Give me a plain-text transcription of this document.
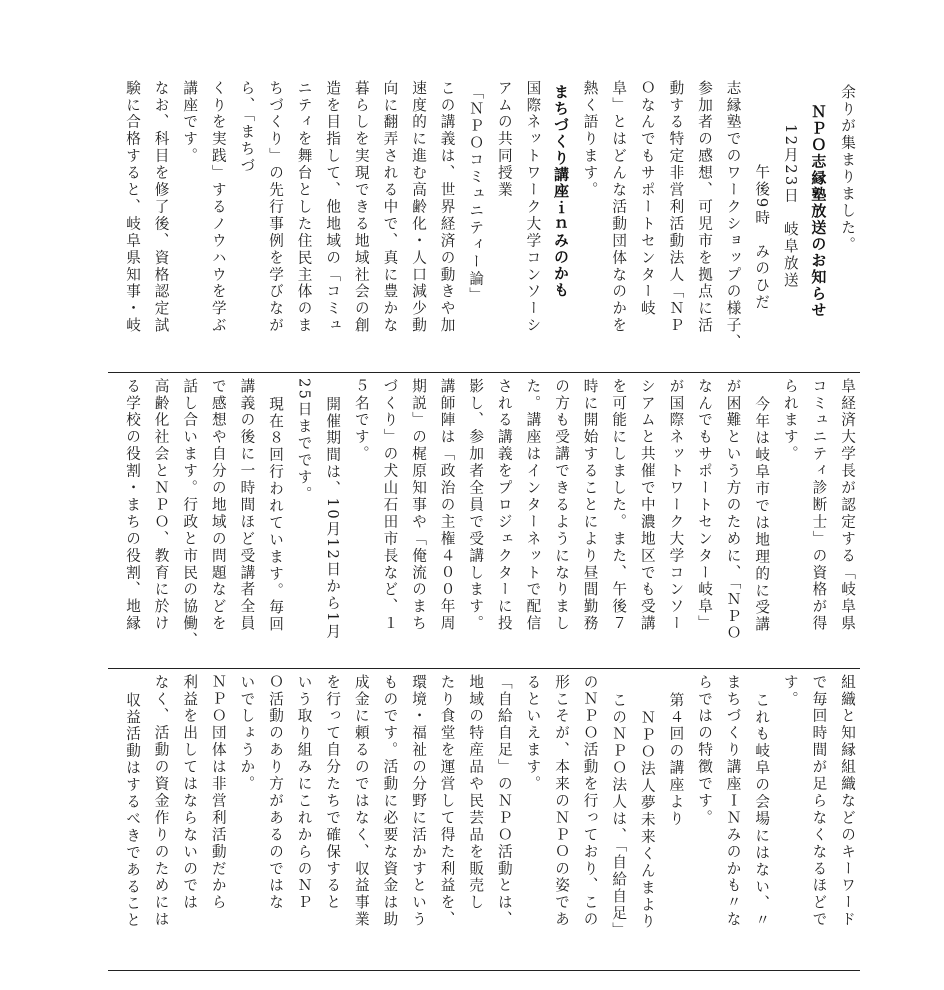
余りが集まりました。
ＮＰＯ志縁塾放送のお知らせ
12月23日　岐阜放送
午後9時　みのひだ
志縁塾でのワークショップの様子、
参加者の感想、可児市を拠点に活
動する特定非営利活動法人「ＮＰ
Ｏなんでもサポートセンター岐
阜」とはどんな活動団体なのかを
熱く語ります。
まちづくり講座ｉｎみのかも
国際ネットワーク大学コンソーシ
アムの共同授業
「ＮＰＯコミュニティー論」
この講義は、世界経済の動きや加
速度的に進む高齢化・人口減少動
向に翻弄される中で、真に豊かな
暮らしを実現できる地域社会の創
造を目指して、他地域の「コミュ
ニティを舞台とした住民主体のま
ちづくり」の先行事例を学びなが
ら、「まちづ
くりを実践」するノウハウを学ぶ
講座です。
なお、科目を修了後、資格認定試
験に合格すると、岐阜県知事・岐
阜経済大学長が認定する「岐阜県
コミュニティ診断士」の資格が得
られます。
今年は岐阜市では地理的に受講
が困難という方のために、「ＮＰＯ
なんでもサポートセンター岐阜」
が国際ネットワーク大学コンソー
シアムと共催で中濃地区でも受講
を可能にしました。また、午後７
時に開始することにより昼間勤務
の方も受講できるようになりまし
た。講座はインターネットで配信
される講義をプロジェクターに投
影し、参加者全員で受講します。
講師陣は「政治の主権４００年周
期説」の梶原知事や「俺流のまち
づくり」の犬山石田市長など、１
５名です。
開催期間は、10月12日から1月
25日までです。
現在８回行われています。毎回
講義の後に一時間ほど受講者全員
で感想や自分の地域の問題などを
話し合います。行政と市民の協働、
高齢化社会とＮＰＯ、教育に於け
る学校の役割・まちの役割、地縁
組織と知縁組織などのキーワード
で毎回時間が足らなくなるほどで
す。
これも岐阜の会場にはない、〃
まちづくり講座ＩＮみのかも〃な
らではの特徴です。
第４回の講座より
ＮＰＯ法人夢未来くんまより
このＮＰＯ法人は、「自給自足」
のＮＰＯ活動を行っており、この
形こそが、本来のＮＰＯの姿であ
るといえます。
「自給自足」のＮＰＯ活動とは、
地域の特産品や民芸品を販売し
たり食堂を運営して得た利益を、
環境・福祉の分野に活かすという
ものです。活動に必要な資金は助
成金に頼るのではなく、収益事業
を行って自分たちで確保すると
いう取り組みにこれからのＮＰ
Ｏ活動のあり方があるのではな
いでしょうか。
ＮＰＯ団体は非営利活動だから
利益を出してはならないのでは
なく、活動の資金作りのためには
収益活動はするべきであること
